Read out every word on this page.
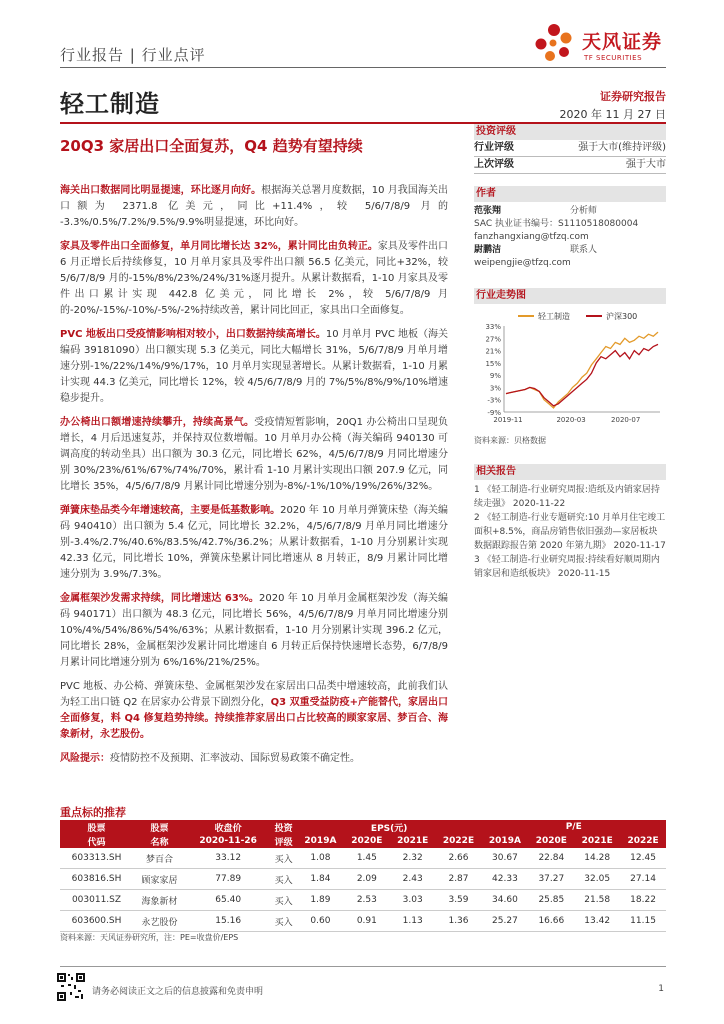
行业报告 | 行业点评
天风证券
TF SECURITIES
轻工制造	证券研究报告
2020 年 11 月 27 日
20Q3 家居出口全面复苏，Q4 趋势有望持续

海关出口数据同比明显提速，环比逐月向好。根据海关总署月度数据，10 月我国海关出口额为 2371.8 亿美元，同比+11.4%，较 5/6/7/8/9 月的 -3.3%/0.5%/7.2%/9.5%/9.9%明显提速，环比向好。

家具及零件出口全面修复，单月同比增长达 32%，累计同比由负转正。家具及零件出口 6 月正增长后持续修复，10 月单月家具及零件出口额 56.5 亿美元，同比+32%，较 5/6/7/8/9 月的-15%/8%/23%/24%/31%逐月提升。从累计数据看，1-10 月家具及零件出口累计实现 442.8 亿美元，同比增长 2%，较 5/6/7/8/9 月的-20%/-15%/-10%/-5%/-2%持续改善，累计同比回正，家具出口全面修复。

PVC 地板出口受疫情影响相对较小，出口数据持续高增长。10 月单月 PVC 地板（海关编码 39181090）出口额实现 5.3 亿美元，同比大幅增长 31%，5/6/7/8/9 月单月增速分别-1%/22%/14%/9%/17%，10 月单月实现显著增长。从累计数据看，1-10 月累计实现 44.3 亿美元，同比增长 12%，较 4/5/6/7/8/9 月的 7%/5%/8%/9%/10%增速稳步提升。

办公椅出口额增速持续攀升，持续高景气。受疫情短暂影响，20Q1 办公椅出口呈现负增长，4 月后迅速复苏，并保持双位数增幅。10 月单月办公椅（海关编码 940130 可调高度的转动坐具）出口额为 30.3 亿元，同比增长 62%，4/5/6/7/8/9 月同比增速分别 30%/23%/61%/67%/74%/70%，累计看 1-10 月累计实现出口额 207.9 亿元，同比增长 35%，4/5/6/7/8/9 月累计同比增速分别为-8%/-1%/10%/19%/26%/32%。

弹簧床垫品类今年增速较高，主要是低基数影响。2020 年 10 月单月弹簧床垫（海关编码 940410）出口额为 5.4 亿元，同比增长 32.2%，4/5/6/7/8/9 月单月同比增速分别-3.4%/2.7%/40.6%/83.5%/42.7%/36.2%；从累计数据看，1-10 月分别累计实现 42.33 亿元，同比增长 10%，弹簧床垫累计同比增速从 8 月转正，8/9 月累计同比增速分别为 3.9%/7.3%。

金属框架沙发需求持续，同比增速达 63%。2020 年 10 月单月金属框架沙发（海关编码 940171）出口额为 48.3 亿元，同比增长 56%，4/5/6/7/8/9 月单月同比增速分别 10%/4%/54%/86%/54%/63%；从累计数据看，1-10 月分别累计实现 396.2 亿元，同比增长 28%，金属框架沙发累计同比增速自 6 月转正后保持快速增长态势，6/7/8/9 月累计同比增速分别为 6%/16%/21%/25%。

PVC 地板、办公椅、弹簧床垫、金属框架沙发在家居出口品类中增速较高，此前我们认为轻工出口链 Q2 在居家办公背景下剧烈分化，Q3 双重受益防疫+产能替代，家居出口全面修复，料 Q4 修复趋势持续。持续推荐家居出口占比较高的顾家家居、梦百合、海象新材，永艺股份。

风险提示：疫情防控不及预期、汇率波动、国际贸易政策不确定性。

投资评级
行业评级	强于大市(维持评级)
上次评级	强于大市
作者
范张翔	分析师
SAC 执业证书编号：S1110518080004
fanzhangxiang@tfzq.com
尉鹏洁	联系人
weipengjie@tfzq.com
行业走势图
33%
27%
21%
15%
9%
3%
-3%
-9%
2019-11	2020-03	2020-07
轻工制造	沪深300
资料来源：贝格数据
相关报告
1 《轻工制造-行业研究周报:造纸及内销家居持续走强》 2020-11-22
2 《轻工制造-行业专题研究:10 月单月住宅竣工面积+8.5%，商品房销售依旧强劲—家居板块数据跟踪报告第 2020 年第九期》 2020-11-17
3 《轻工制造-行业研究周报:持续看好顺周期内销家居和造纸板块》 2020-11-15
重点标的推荐
股票	股票	收盘价	投资	EPS(元)				P/E			
代码	名称	2020-11-26	评级	2019A	2020E	2021E	2022E	2019A	2020E	2021E	2022E
603313.SH	梦百合	33.12	买入	1.08	1.45	2.32	2.66	30.67	22.84	14.28	12.45
603816.SH	顾家家居	77.89	买入	1.84	2.09	2.43	2.87	42.33	37.27	32.05	27.14
003011.SZ	海象新材	65.40	买入	1.89	2.53	3.03	3.59	34.60	25.85	21.58	18.22
603600.SH	永艺股份	15.16	买入	0.60	0.91	1.13	1.36	25.27	16.66	13.42	11.15
资料来源：天风证券研究所，注：PE=收盘价/EPS
请务必阅读正文之后的信息披露和免责申明	1
